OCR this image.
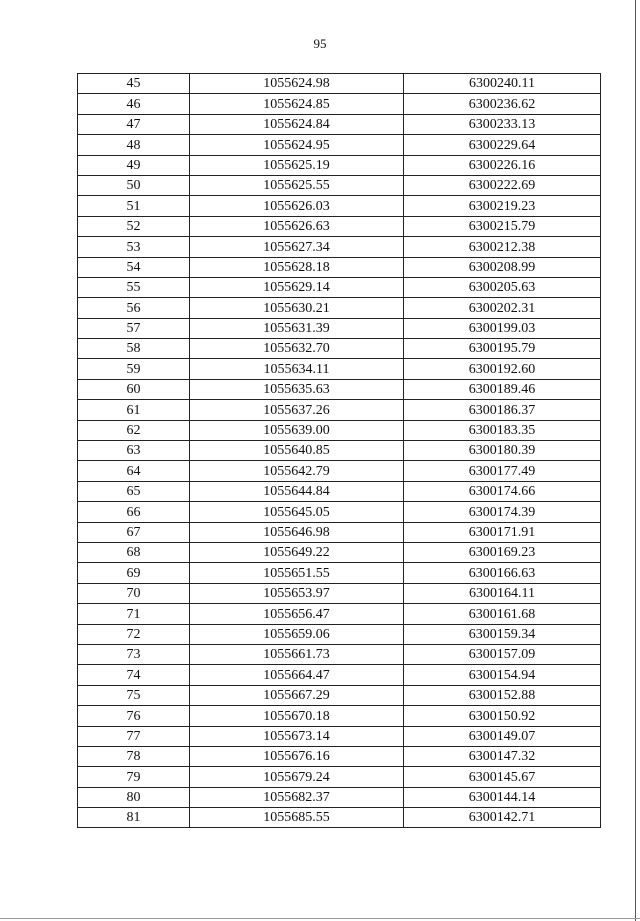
95
45	1055624.98	6300240.11
46	1055624.85	6300236.62
47	1055624.84	6300233.13
48	1055624.95	6300229.64
49	1055625.19	6300226.16
50	1055625.55	6300222.69
51	1055626.03	6300219.23
52	1055626.63	6300215.79
53	1055627.34	6300212.38
54	1055628.18	6300208.99
55	1055629.14	6300205.63
56	1055630.21	6300202.31
57	1055631.39	6300199.03
58	1055632.70	6300195.79
59	1055634.11	6300192.60
60	1055635.63	6300189.46
61	1055637.26	6300186.37
62	1055639.00	6300183.35
63	1055640.85	6300180.39
64	1055642.79	6300177.49
65	1055644.84	6300174.66
66	1055645.05	6300174.39
67	1055646.98	6300171.91
68	1055649.22	6300169.23
69	1055651.55	6300166.63
70	1055653.97	6300164.11
71	1055656.47	6300161.68
72	1055659.06	6300159.34
73	1055661.73	6300157.09
74	1055664.47	6300154.94
75	1055667.29	6300152.88
76	1055670.18	6300150.92
77	1055673.14	6300149.07
78	1055676.16	6300147.32
79	1055679.24	6300145.67
80	1055682.37	6300144.14
81	1055685.55	6300142.71
